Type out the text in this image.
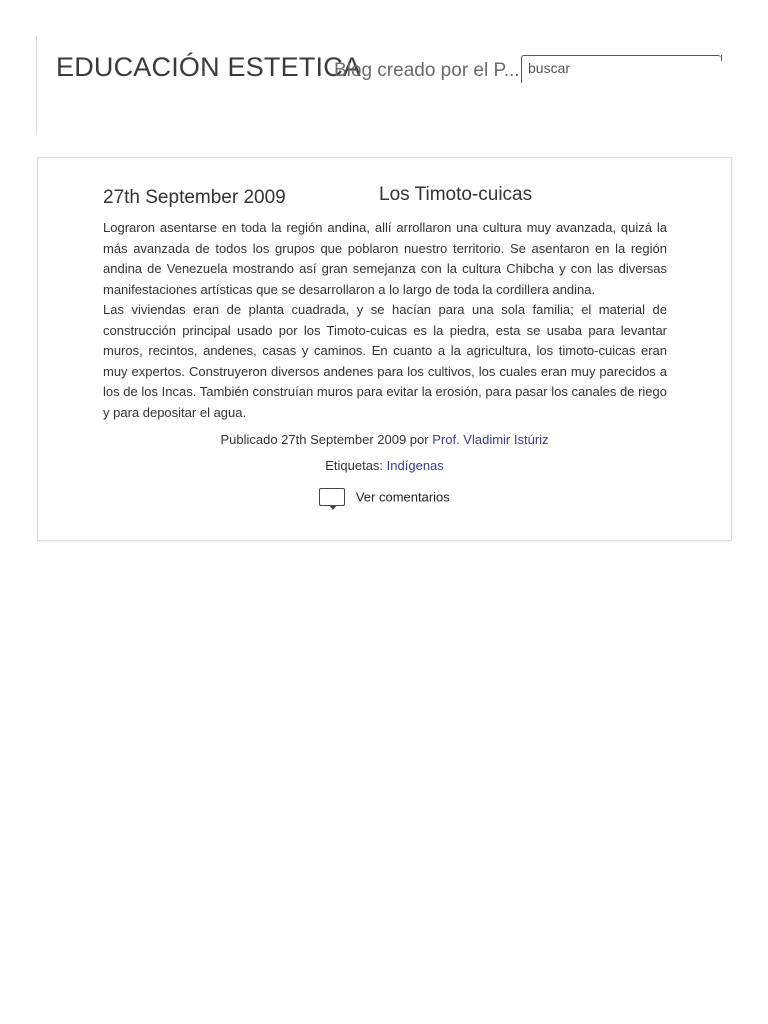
EDUCACIÓN ESTETICA
Blog creado por el P...
buscar
27th September 2009	Los Timoto-cuicas

Lograron asentarse en toda la región andina, allí arrollaron una cultura muy avanzada, quizá la más avanzada de todos los grupos que poblaron nuestro territorio. Se asentaron en la región andina de Venezuela mostrando así gran semejanza con la cultura Chibcha y con las diversas manifestaciones artísticas que se desarrollaron a lo largo de toda la cordillera andina.

Las viviendas eran de planta cuadrada, y se hacían para una sola familia; el material de construcción principal usado por los Timoto-cuicas es la piedra, esta se usaba para levantar muros, recintos, andenes, casas y caminos. En cuanto a la agricultura, los timoto-cuicas eran muy expertos. Construyeron diversos andenes para los cultivos, los cuales eran muy parecidos a los de los Incas. También construían muros para evitar la erosión, para pasar los canales de riego y para depositar el agua.

Publicado 27th September 2009 por Prof. Vladimir Istúriz
Etiquetas: Indígenas
Ver comentarios
